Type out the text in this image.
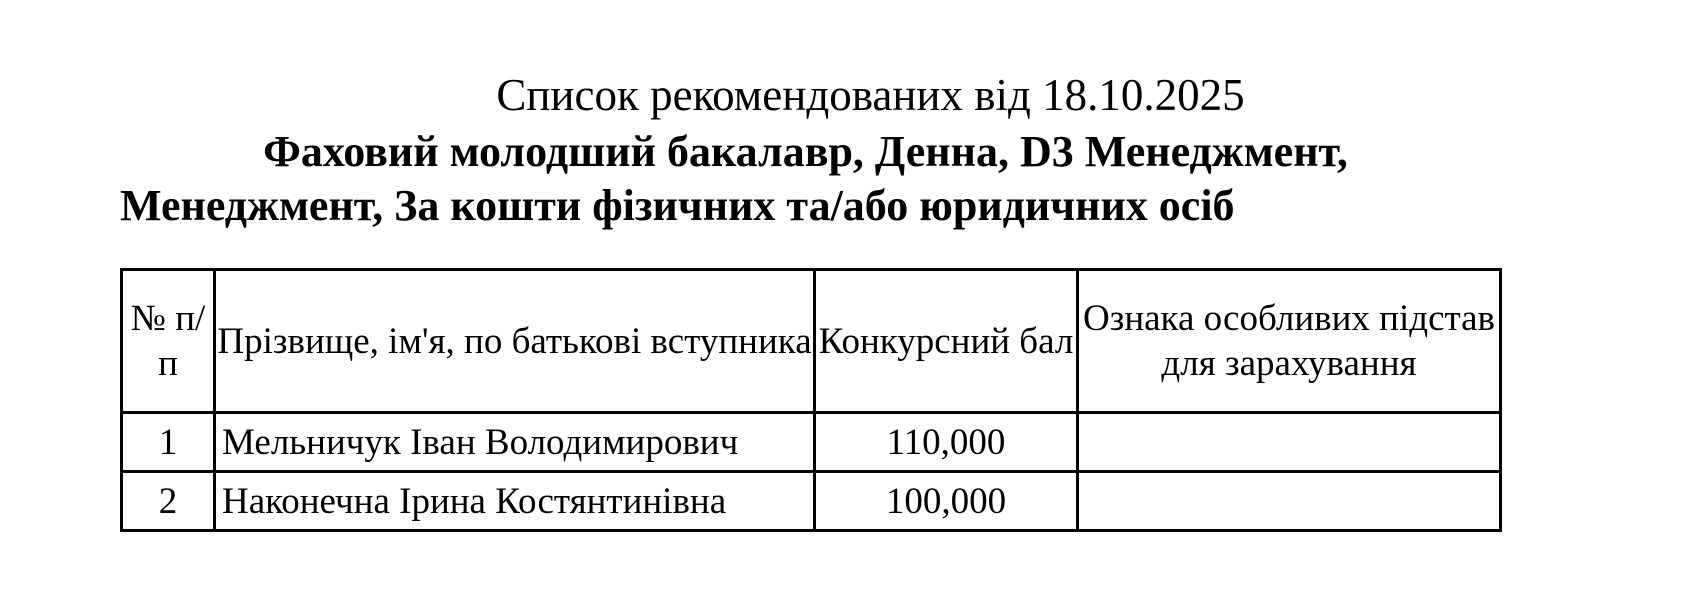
Список рекомендованих від 18.10.2025
Фаховий молодший бакалавр, Денна, D3 Менеджмент,
Менеджмент, За кошти фізичних та/або юридичних осіб
№ п/п	Прізвище, ім'я, по батькові вступника	Конкурсний бал	Ознака особливих підстав для зарахування
1	Мельничук Іван Володимирович	110,000	
2	Наконечна Ірина Костянтинівна	100,000	
